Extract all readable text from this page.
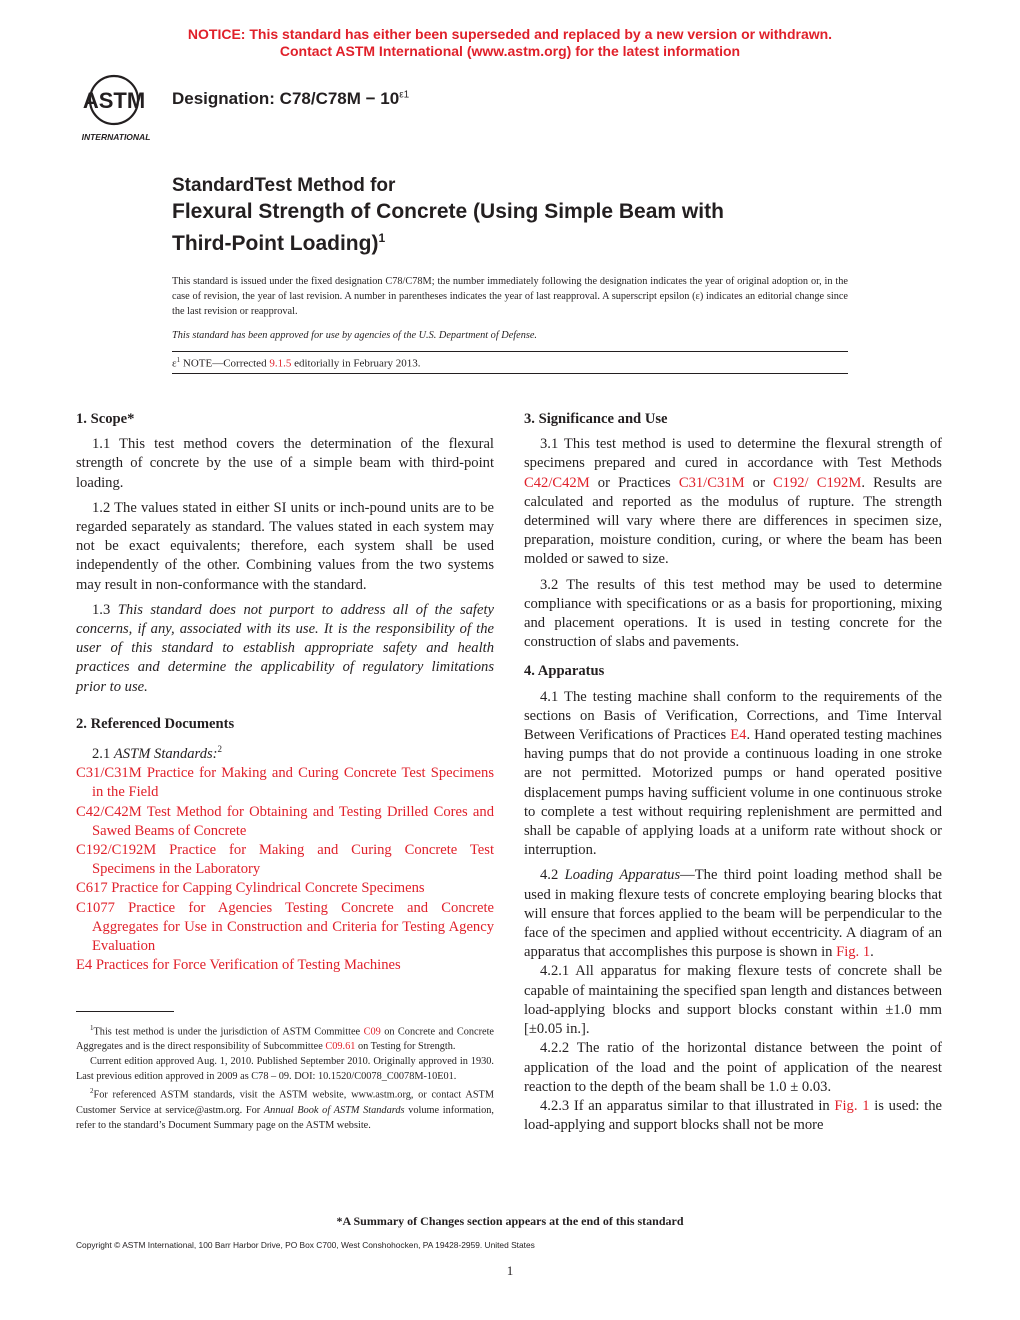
NOTICE: This standard has either been superseded and replaced by a new version or withdrawn.
Contact ASTM International (www.astm.org) for the latest information
ASTM
INTERNATIONAL
Designation: $C78/C78M - 10^{\varepsilon 1}$
StandardTest Method for
Flexural Strength of Concrete (Using Simple Beam with
Third-Point Loading)$^1$
This standard is issued under the fixed designation C78/C78M; the number immediately following the designation indicates the year of original adoption or, in the case of revision, the year of last revision. A number in parentheses indicates the year of last reapproval. A superscript epsilon (ε) indicates an editorial change since the last revision or reapproval.
This standard has been approved for use by agencies of the U.S. Department of Defense.
$\varepsilon^1$ NOTE—Corrected 9.1.5 editorially in February 2013.

1. Scope*

1.1 This test method covers the determination of the flexural strength of concrete by the use of a simple beam with third-point loading.

1.2 The values stated in either SI units or inch-pound units are to be regarded separately as standard. The values stated in each system may not be exact equivalents; therefore, each system shall be used independently of the other. Combining values from the two systems may result in non-conformance with the standard.

1.3 This standard does not purport to address all of the safety concerns, if any, associated with its use. It is the responsibility of the user of this standard to establish appropriate safety and health practices and determine the applicability of regulatory limitations prior to use.

2. Referenced Documents

2.1 ASTM Standards:$^2$

C31/C31M Practice for Making and Curing Concrete Test Specimens in the Field

C42/C42M Test Method for Obtaining and Testing Drilled Cores and Sawed Beams of Concrete

C192/C192M Practice for Making and Curing Concrete Test Specimens in the Laboratory

C617 Practice for Capping Cylindrical Concrete Specimens

C1077 Practice for Agencies Testing Concrete and Concrete Aggregates for Use in Construction and Criteria for Testing Agency Evaluation

E4 Practices for Force Verification of Testing Machines

$^1$This test method is under the jurisdiction of ASTM Committee C09 on Concrete and Concrete Aggregates and is the direct responsibility of Subcommittee C09.61 on Testing for Strength.

Current edition approved Aug. 1, 2010. Published September 2010. Originally approved in 1930. Last previous edition approved in 2009 as C78 – 09. DOI: 10.1520/C0078_C0078M-10E01.

$^2$For referenced ASTM standards, visit the ASTM website, www.astm.org, or contact ASTM Customer Service at service@astm.org. For Annual Book of ASTM Standards volume information, refer to the standard’s Document Summary page on the ASTM website.

3. Significance and Use

3.1 This test method is used to determine the flexural strength of specimens prepared and cured in accordance with Test Methods C42/C42M or Practices C31/C31M or C192/ C192M. Results are calculated and reported as the modulus of rupture. The strength determined will vary where there are differences in specimen size, preparation, moisture condition, curing, or where the beam has been molded or sawed to size.

3.2 The results of this test method may be used to determine compliance with specifications or as a basis for proportioning, mixing and placement operations. It is used in testing concrete for the construction of slabs and pavements.

4. Apparatus

4.1 The testing machine shall conform to the requirements of the sections on Basis of Verification, Corrections, and Time Interval Between Verifications of Practices E4. Hand operated testing machines having pumps that do not provide a continuous loading in one stroke are not permitted. Motorized pumps or hand operated positive displacement pumps having sufficient volume in one continuous stroke to complete a test without requiring replenishment are permitted and shall be capable of applying loads at a uniform rate without shock or interruption.

4.2 Loading Apparatus—The third point loading method shall be used in making flexure tests of concrete employing bearing blocks that will ensure that forces applied to the beam will be perpendicular to the face of the specimen and applied without eccentricity. A diagram of an apparatus that accomplishes this purpose is shown in Fig. 1.

4.2.1 All apparatus for making flexure tests of concrete shall be capable of maintaining the specified span length and distances between load-applying blocks and support blocks constant within ±1.0 mm [±0.05 in.].

4.2.2 The ratio of the horizontal distance between the point of application of the load and the point of application of the nearest reaction to the depth of the beam shall be 1.0 ± 0.03.

4.2.3 If an apparatus similar to that illustrated in Fig. 1 is used: the load-applying and support blocks shall not be more

*A Summary of Changes section appears at the end of this standard
Copyright © ASTM International, 100 Barr Harbor Drive, PO Box C700, West Conshohocken, PA 19428-2959. United States
1
